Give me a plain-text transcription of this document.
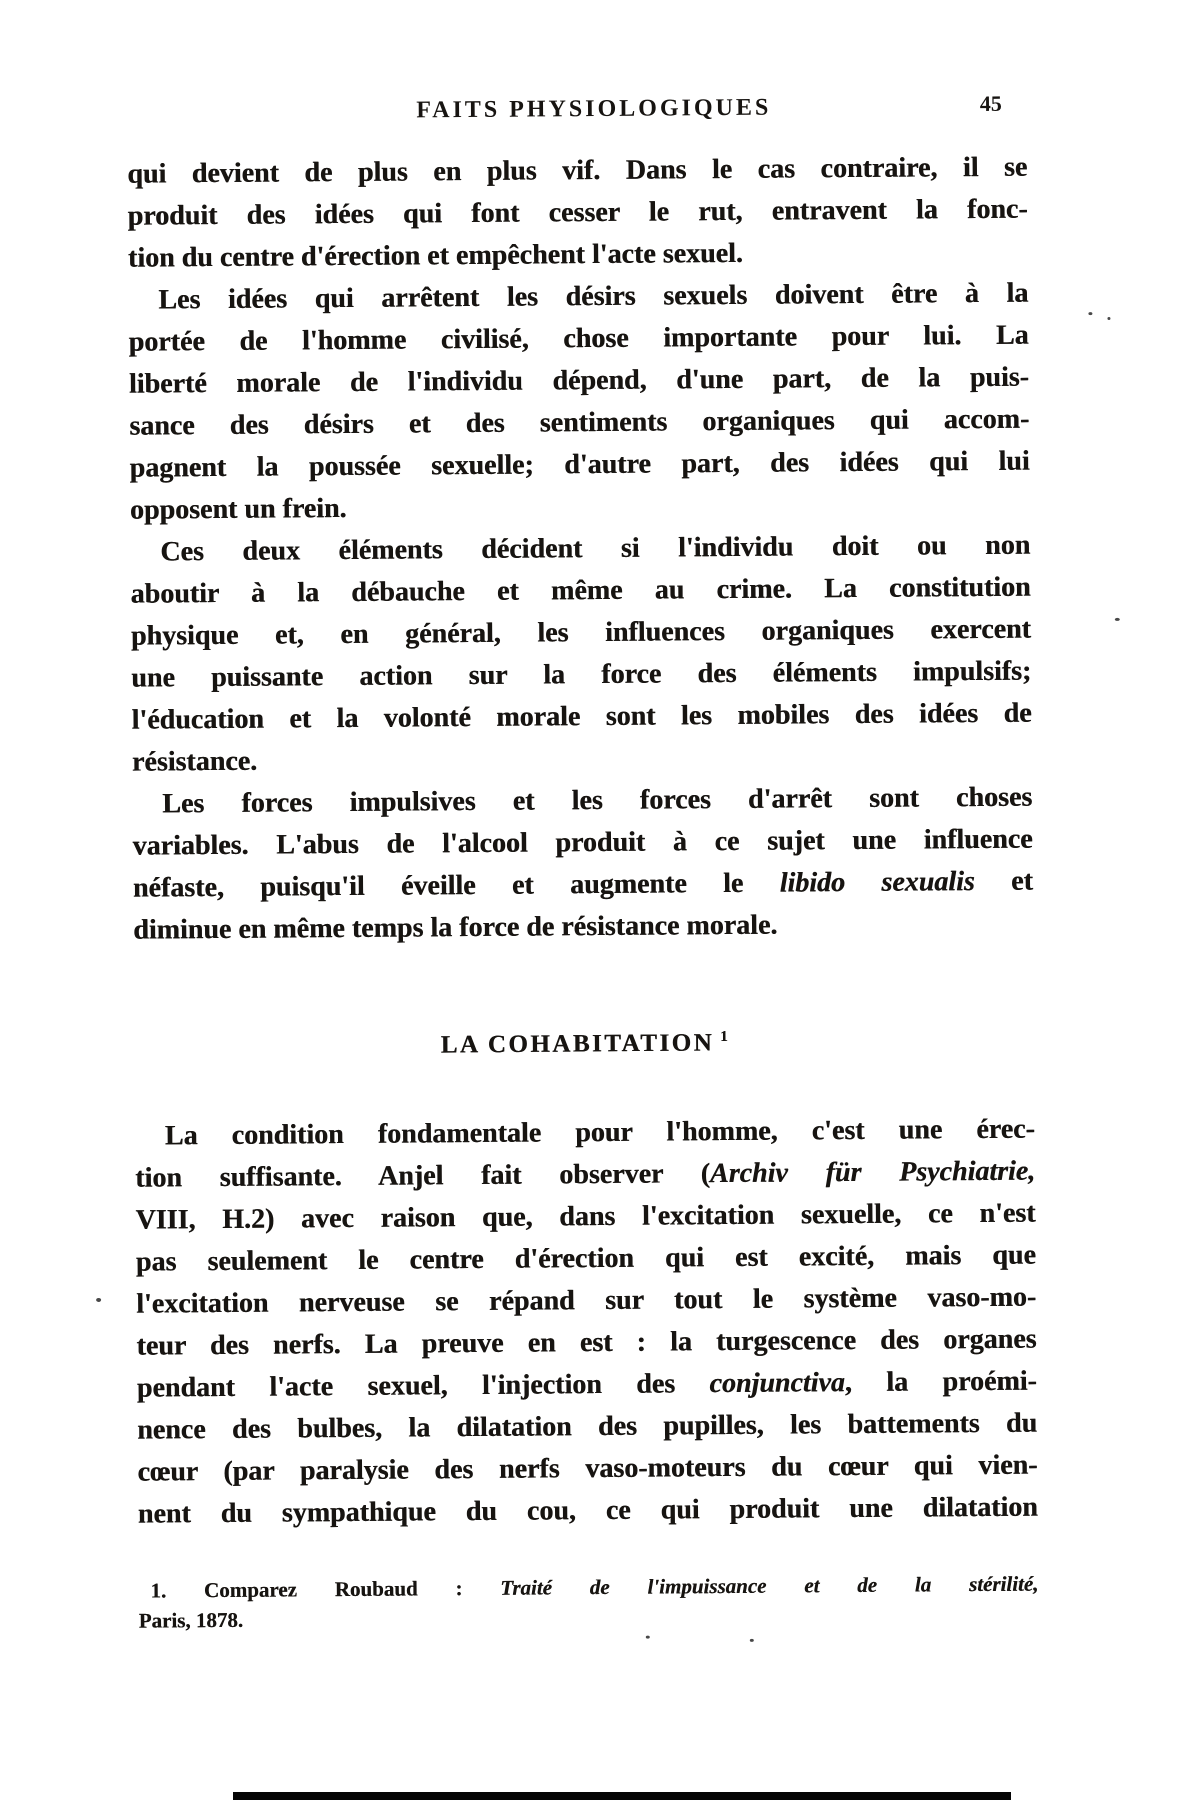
FAITS PHYSIOLOGIQUES	45
qui devient de plus en plus vif. Dans le cas contraire, il se
produit des idées qui font cesser le rut, entravent la fonc-
tion du centre d'érection et empêchent l'acte sexuel.
Les idées qui arrêtent les désirs sexuels doivent être à la
portée de l'homme civilisé, chose importante pour lui. La
liberté morale de l'individu dépend, d'une part, de la puis-
sance des désirs et des sentiments organiques qui accom-
pagnent la poussée sexuelle; d'autre part, des idées qui lui
opposent un frein.
Ces deux éléments décident si l'individu doit ou non
aboutir à la débauche et même au crime. La constitution
physique et, en général, les influences organiques exercent
une puissante action sur la force des éléments impulsifs;
l'éducation et la volonté morale sont les mobiles des idées de
résistance.
Les forces impulsives et les forces d'arrêt sont choses
variables. L'abus de l'alcool produit à ce sujet une influence
néfaste, puisqu'il éveille et augmente le libido sexualis et
diminue en même temps la force de résistance morale.
LA COHABITATION $^1$
La condition fondamentale pour l'homme, c'est une érec-
tion suffisante. Anjel fait observer (Archiv für Psychiatrie,
VIII, H.2) avec raison que, dans l'excitation sexuelle, ce n'est
pas seulement le centre d'érection qui est excité, mais que
l'excitation nerveuse se répand sur tout le système vaso-mo-
teur des nerfs. La preuve en est : la turgescence des organes
pendant l'acte sexuel, l'injection des conjunctiva, la proémi-
nence des bulbes, la dilatation des pupilles, les battements du
cœur (par paralysie des nerfs vaso-moteurs du cœur qui vien-
nent du sympathique du cou, ce qui produit une dilatation
1. Comparez Roubaud : Traité de l'impuissance et de la stérilité,
Paris, 1878.
